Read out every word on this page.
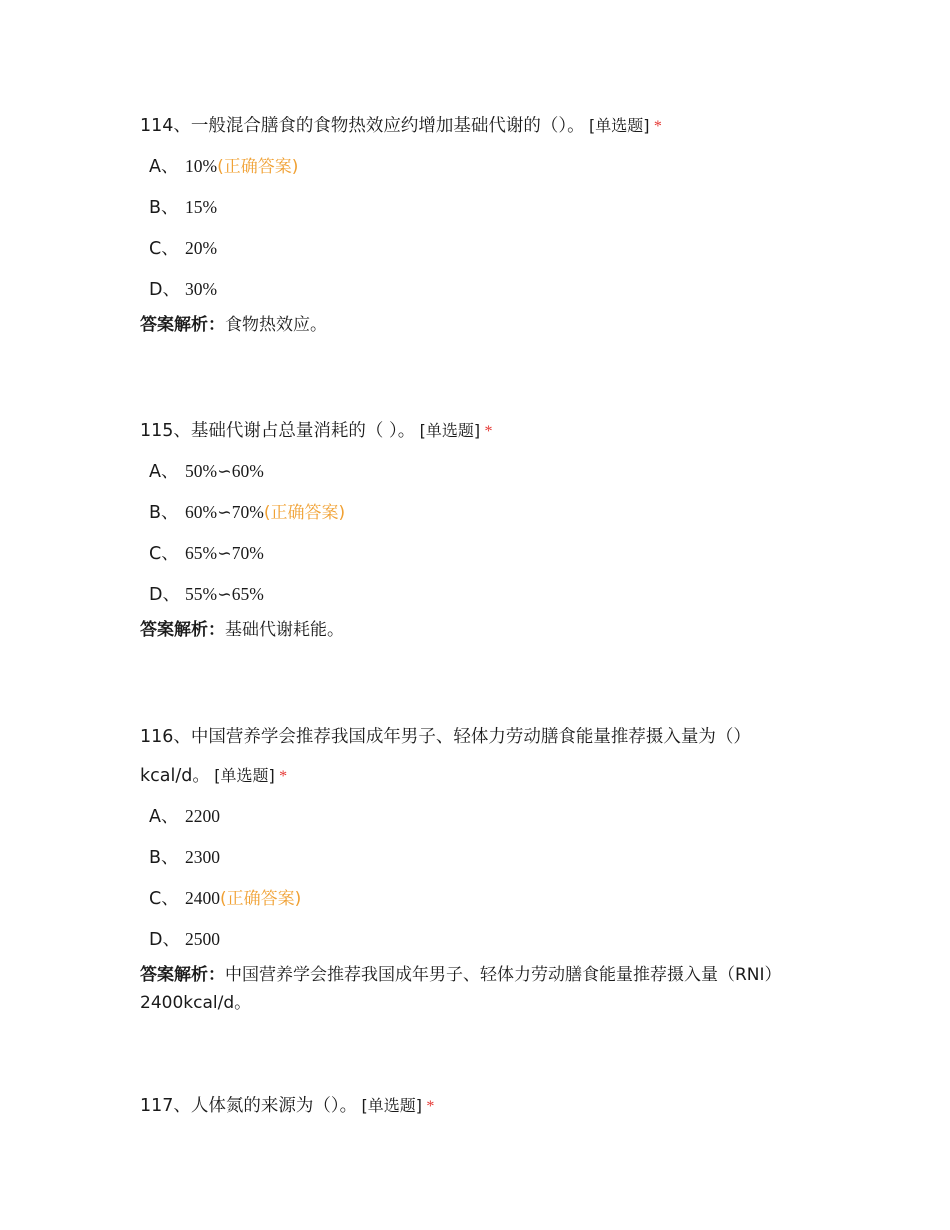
114、一般混合膳食的食物热效应约增加基础代谢的（）。 [单选题] *

A、 10%(正确答案)
B、 15%
C、 20%
D、 30%
答案解析：食物热效应。

115、基础代谢占总量消耗的（ ）。 [单选题] *

A、 50%∽60%
B、 60%∽70%(正确答案)
C、 65%∽70%
D、 55%∽65%
答案解析：基础代谢耗能。

116、中国营养学会推荐我国成年男子、轻体力劳动膳食能量推荐摄入量为（）kcal/d。 [单选题] *

A、 2200
B、 2300
C、 2400(正确答案)
D、 2500
答案解析：中国营养学会推荐我国成年男子、轻体力劳动膳食能量推荐摄入量（RNI）2400kcal/d。

117、人体氮的来源为（）。 [单选题] *
